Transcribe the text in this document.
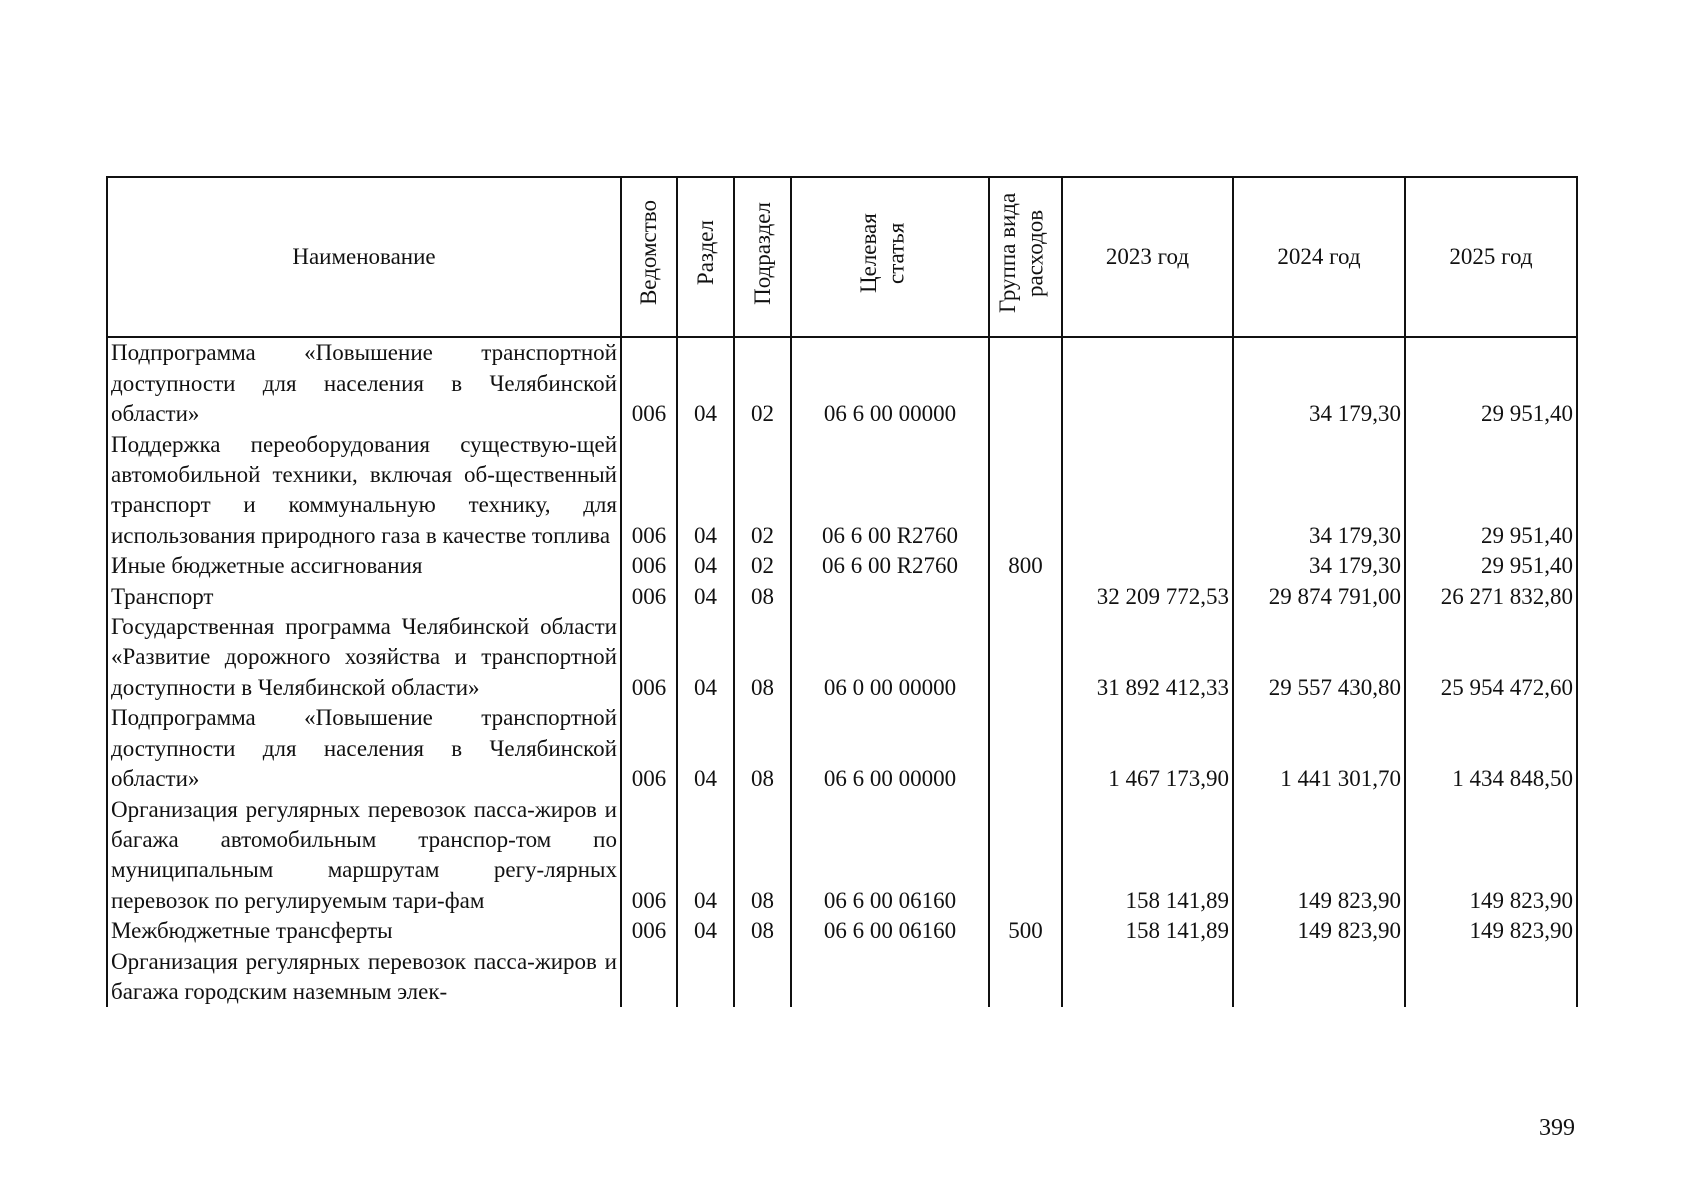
Наименование	Ведомство	Раздел	Подраздел	Целевая статья	Группа вида расходов	2023 год	2024 год	2025 год
Подпрограмма «Повышение транспортной доступности для населения в Челябинской области»	006	04	02	06 6 00 00000			34 179,30	29 951,40
Поддержка переоборудования существую-щей автомобильной техники, включая об-щественный транспорт и коммунальную технику, для использования природного газа в качестве топлива	006	04	02	06 6 00 R2760			34 179,30	29 951,40
Иные бюджетные ассигнования	006	04	02	06 6 00 R2760	800		34 179,30	29 951,40
Транспорт	006	04	08			32 209 772,53	29 874 791,00	26 271 832,80
Государственная программа Челябинской области «Развитие дорожного хозяйства и транспортной доступности в Челябинской области»	006	04	08	06 0 00 00000		31 892 412,33	29 557 430,80	25 954 472,60
Подпрограмма «Повышение транспортной доступности для населения в Челябинской области»	006	04	08	06 6 00 00000		1 467 173,90	1 441 301,70	1 434 848,50
Организация регулярных перевозок пасса-жиров и багажа автомобильным транспор-том по муниципальным маршрутам регу-лярных перевозок по регулируемым тари-фам	006	04	08	06 6 00 06160		158 141,89	149 823,90	149 823,90
Межбюджетные трансферты	006	04	08	06 6 00 06160	500	158 141,89	149 823,90	149 823,90
Организация регулярных перевозок пасса-жиров и багажа городским наземным элек-								
399
